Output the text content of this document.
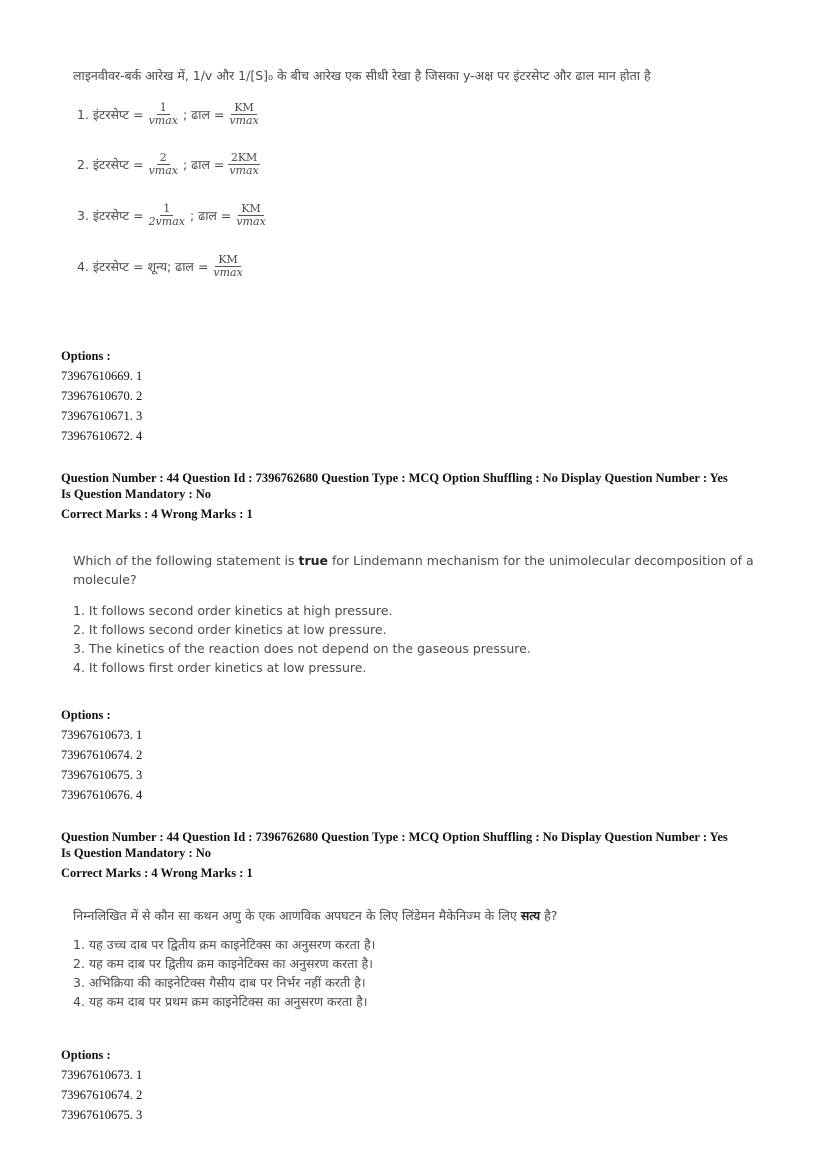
लाइनवीवर-बर्क आरेख में, 1/v और 1/[S]₀ के बीच आरेख एक सीधी रेखा है जिसका y-अक्ष पर इंटरसेप्ट और ढाल मान होता है
1. इंटरसेप्ट = $\frac{1}{vmax}$ ; ढाल = $\frac{KM}{vmax}$
2. इंटरसेप्ट = $\frac{2}{vmax}$ ; ढाल = $\frac{2KM}{vmax}$
3. इंटरसेप्ट = $\frac{1}{2vmax}$ ; ढाल = $\frac{KM}{vmax}$
4. इंटरसेप्ट = शून्य; ढाल = $\frac{KM}{vmax}$
Options :
73967610669. 1
73967610670. 2
73967610671. 3
73967610672. 4
Question Number : 44 Question Id : 7396762680 Question Type : MCQ Option Shuffling : No Display Question Number : Yes
Is Question Mandatory : No
Correct Marks : 4 Wrong Marks : 1
Which of the following statement is true for Lindemann mechanism for the unimolecular decomposition of a
molecule?
1. It follows second order kinetics at high pressure.
2. It follows second order kinetics at low pressure.
3. The kinetics of the reaction does not depend on the gaseous pressure.
4. It follows first order kinetics at low pressure.
Options :
73967610673. 1
73967610674. 2
73967610675. 3
73967610676. 4
Question Number : 44 Question Id : 7396762680 Question Type : MCQ Option Shuffling : No Display Question Number : Yes
Is Question Mandatory : No
Correct Marks : 4 Wrong Marks : 1
निम्नलिखित में से कौन सा कथन अणु के एक आणविक अपघटन के लिए लिंडेमन मैकेनिज्म के लिए सत्य है?
1. यह उच्च दाब पर द्वितीय क्रम काइनेटिक्स का अनुसरण करता है।
2. यह कम दाब पर द्वितीय क्रम काइनेटिक्स का अनुसरण करता है।
3. अभिक्रिया की काइनेटिक्स गैसीय दाब पर निर्भर नहीं करती है।
4. यह कम दाब पर प्रथम क्रम काइनेटिक्स का अनुसरण करता है।
Options :
73967610673. 1
73967610674. 2
73967610675. 3
